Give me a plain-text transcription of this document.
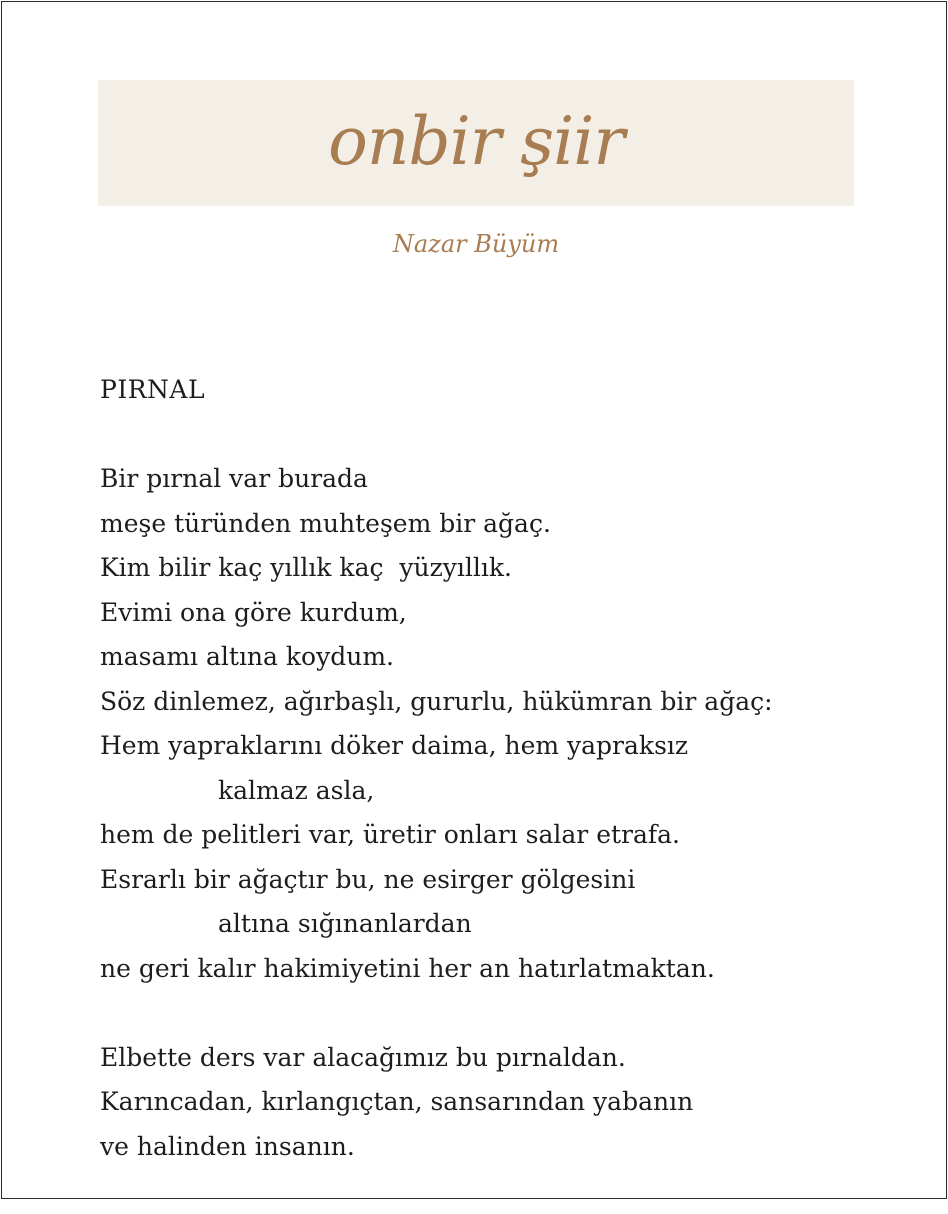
onbir şiir
Nazar Büyüm
PIRNAL
Bir pırnal var burada
meşe türünden muhteşem bir ağaç.
Kim bilir kaç yıllık kaç  yüzyıllık.
Evimi ona göre kurdum,
masamı altına koydum.
Söz dinlemez, ağırbaşlı, gururlu, hükümran bir ağaç:
Hem yapraklarını döker daima, hem yapraksız
kalmaz asla,
hem de pelitleri var, üretir onları salar etrafa.
Esrarlı bir ağaçtır bu, ne esirger gölgesini
altına sığınanlardan
ne geri kalır hakimiyetini her an hatırlatmaktan.
Elbette ders var alacağımız bu pırnaldan.
Karıncadan, kırlangıçtan, sansarından yabanın
ve halinden insanın.
